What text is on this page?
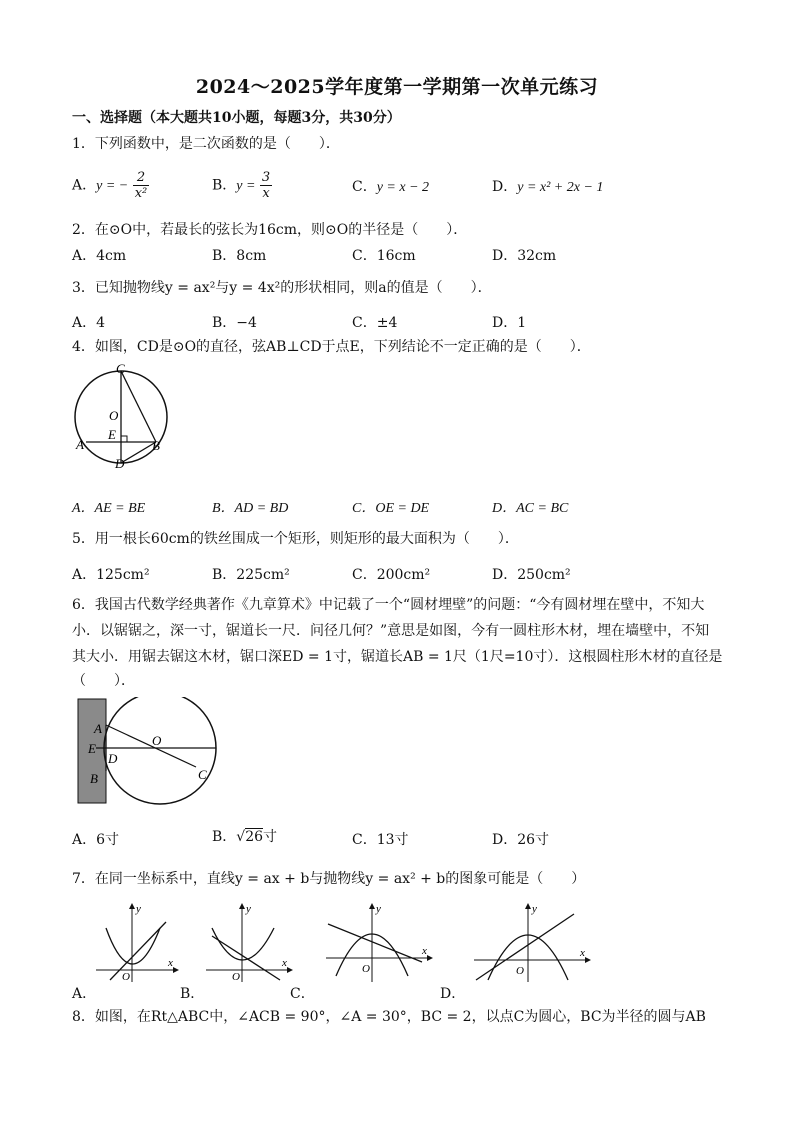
2024～2025学年度第一学期第一次单元练习
一、选择题（本大题共10小题，每题3分，共30分）
1．下列函数中，是二次函数的是（　　）．
A．y = − $\frac{2}{\text{x²}}$	B．$y = \frac{3}{x}$	C．y = x − 2	D．y = x² + 2x − 1
2．在⊙O中，若最长的弦长为16cm，则⊙O的半径是（　　）．
A．4cm	B．8cm	C．16cm	D．32cm
3．已知抛物线y = ax²与y = 4x²的形状相同，则a的值是（　　）．
A．4	B．−4	C．±4	D．1
4．如图，CD是⊙O的直径，弦AB⊥CD于点E，下列结论不一定正确的是（　　）．
C
O
E
A	B
D
A．AE = BE	B．AD = BD	C．OE = DE	D．AC = BC
5．用一根长60cm的铁丝围成一个矩形，则矩形的最大面积为（　　）．
A．125cm²	B．225cm²	C．200cm²	D．250cm²
6．我国古代数学经典著作《九章算术》中记载了一个“圆材埋壁”的问题：“今有圆材埋在壁中，不知大
小．以锯锯之，深一寸，锯道长一尺．问径几何？”意思是如图，今有一圆柱形木材，埋在墙壁中，不知
其大小．用锯去锯这木材，锯口深ED = 1寸，锯道长AB = 1尺（1尺=10寸）．这根圆柱形木材的直径是
（　　）．
A
E
D
B
O
C
A．6寸	B．√26寸	C．13寸	D．26寸
7．在同一坐标系中，直线y = ax + b与抛物线y = ax² + b的图象可能是（　　）
y
x
O
y
x
O
y
x
O
y
x
O
A．	B．	C．	D．
8．如图，在Rt△ABC中，∠ACB = 90°，∠A = 30°，BC = 2，以点C为圆心，BC为半径的圆与AB
